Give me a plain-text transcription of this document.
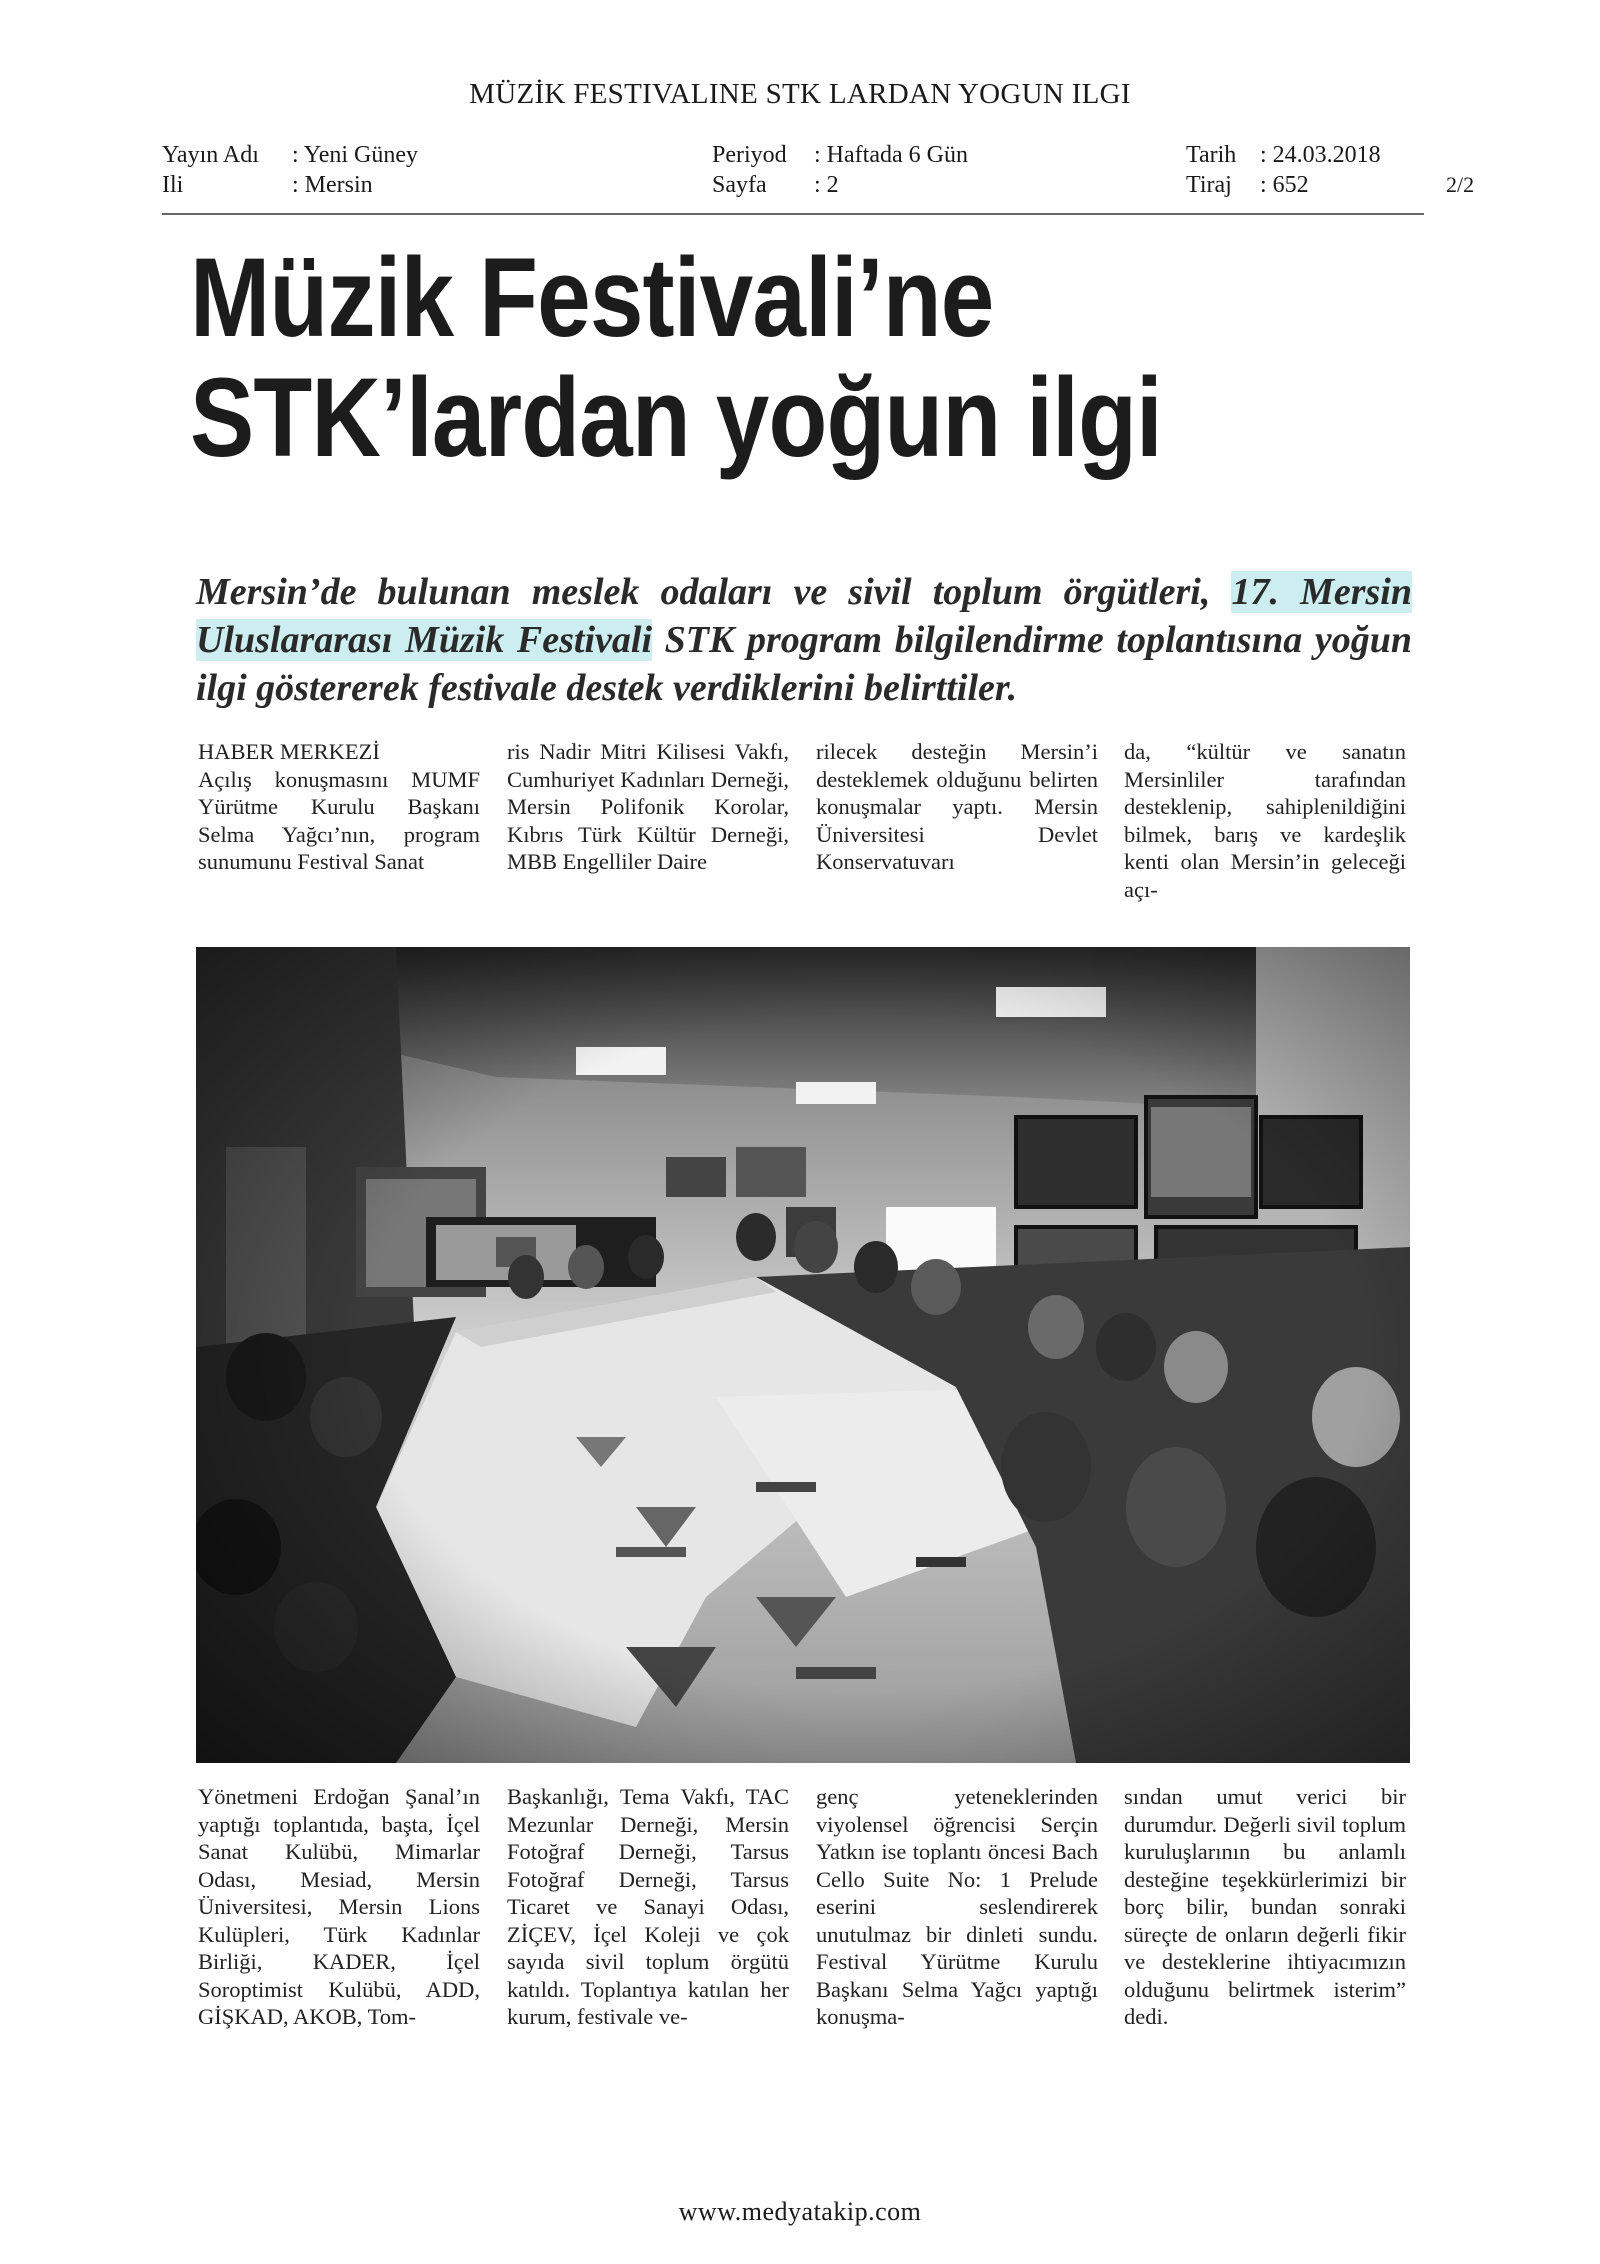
MÜZİK FESTIVALINE STK LARDAN YOGUN ILGI
Yayın Adı : Yeni Güney
Ili	: Mersin
Periyod : Haftada 6 Gün
Sayfa : 2
Tarih : 24.03.2018
Tiraj : 652	2/2
Müzik Festivali’ne
STK’lardan yoğun ilgi
Mersin’de bulunan meslek odaları ve sivil toplum örgütleri, 17. Mersin Uluslararası Müzik Festivali STK program bilgilendirme toplantısına yoğun ilgi göstererek festivale destek verdiklerini belirttiler.
HABER MERKEZİ
Açılış konuşmasını MUMF Yürütme Kurulu Başkanı Selma Yağcı’nın, program sunumunu Festival Sanat
ris Nadir Mitri Kilisesi Vakfı, Cumhuriyet Kadınları Derneği, Mersin Polifonik Korolar, Kıbrıs Türk Kültür Derneği, MBB Engelliler Daire
rilecek desteğin Mersin’i desteklemek olduğunu belirten konuşmalar yaptı. Mersin Üniversitesi Devlet Konservatuvarı
da, “kültür ve sanatın Mersinliler tarafından desteklenip, sahiplenildiğini bilmek, barış ve kardeşlik kenti olan Mersin’in geleceği açı-
Yönetmeni Erdoğan Şanal’ın yaptığı toplantıda, başta, İçel Sanat Kulübü, Mimarlar Odası, Mesiad, Mersin Üniversitesi, Mersin Lions Kulüpleri, Türk Kadınlar Birliği, KADER, İçel Soroptimist Kulübü, ADD, GİŞKAD, AKOB, Tom-
Başkanlığı, Tema Vakfı, TAC Mezunlar Derneği, Mersin Fotoğraf Derneği, Tarsus Fotoğraf Derneği, Tarsus Ticaret ve Sanayi Odası, ZİÇEV, İçel Koleji ve çok sayıda sivil toplum örgütü katıldı. Toplantıya katılan her kurum, festivale ve-
genç yeteneklerinden viyolensel öğrencisi Serçin Yatkın ise toplantı öncesi Bach Cello Suite No: 1 Prelude eserini seslendirerek unutulmaz bir dinleti sundu. Festival Yürütme Kurulu Başkanı Selma Yağcı yaptığı konuşma-
sından umut verici bir durumdur. Değerli sivil toplum kuruluşlarının bu anlamlı desteğine teşekkürlerimizi bir borç bilir, bundan sonraki süreçte de onların değerli fikir ve desteklerine ihtiyacımızın olduğunu belirtmek isterim” dedi.
www.medyatakip.com
